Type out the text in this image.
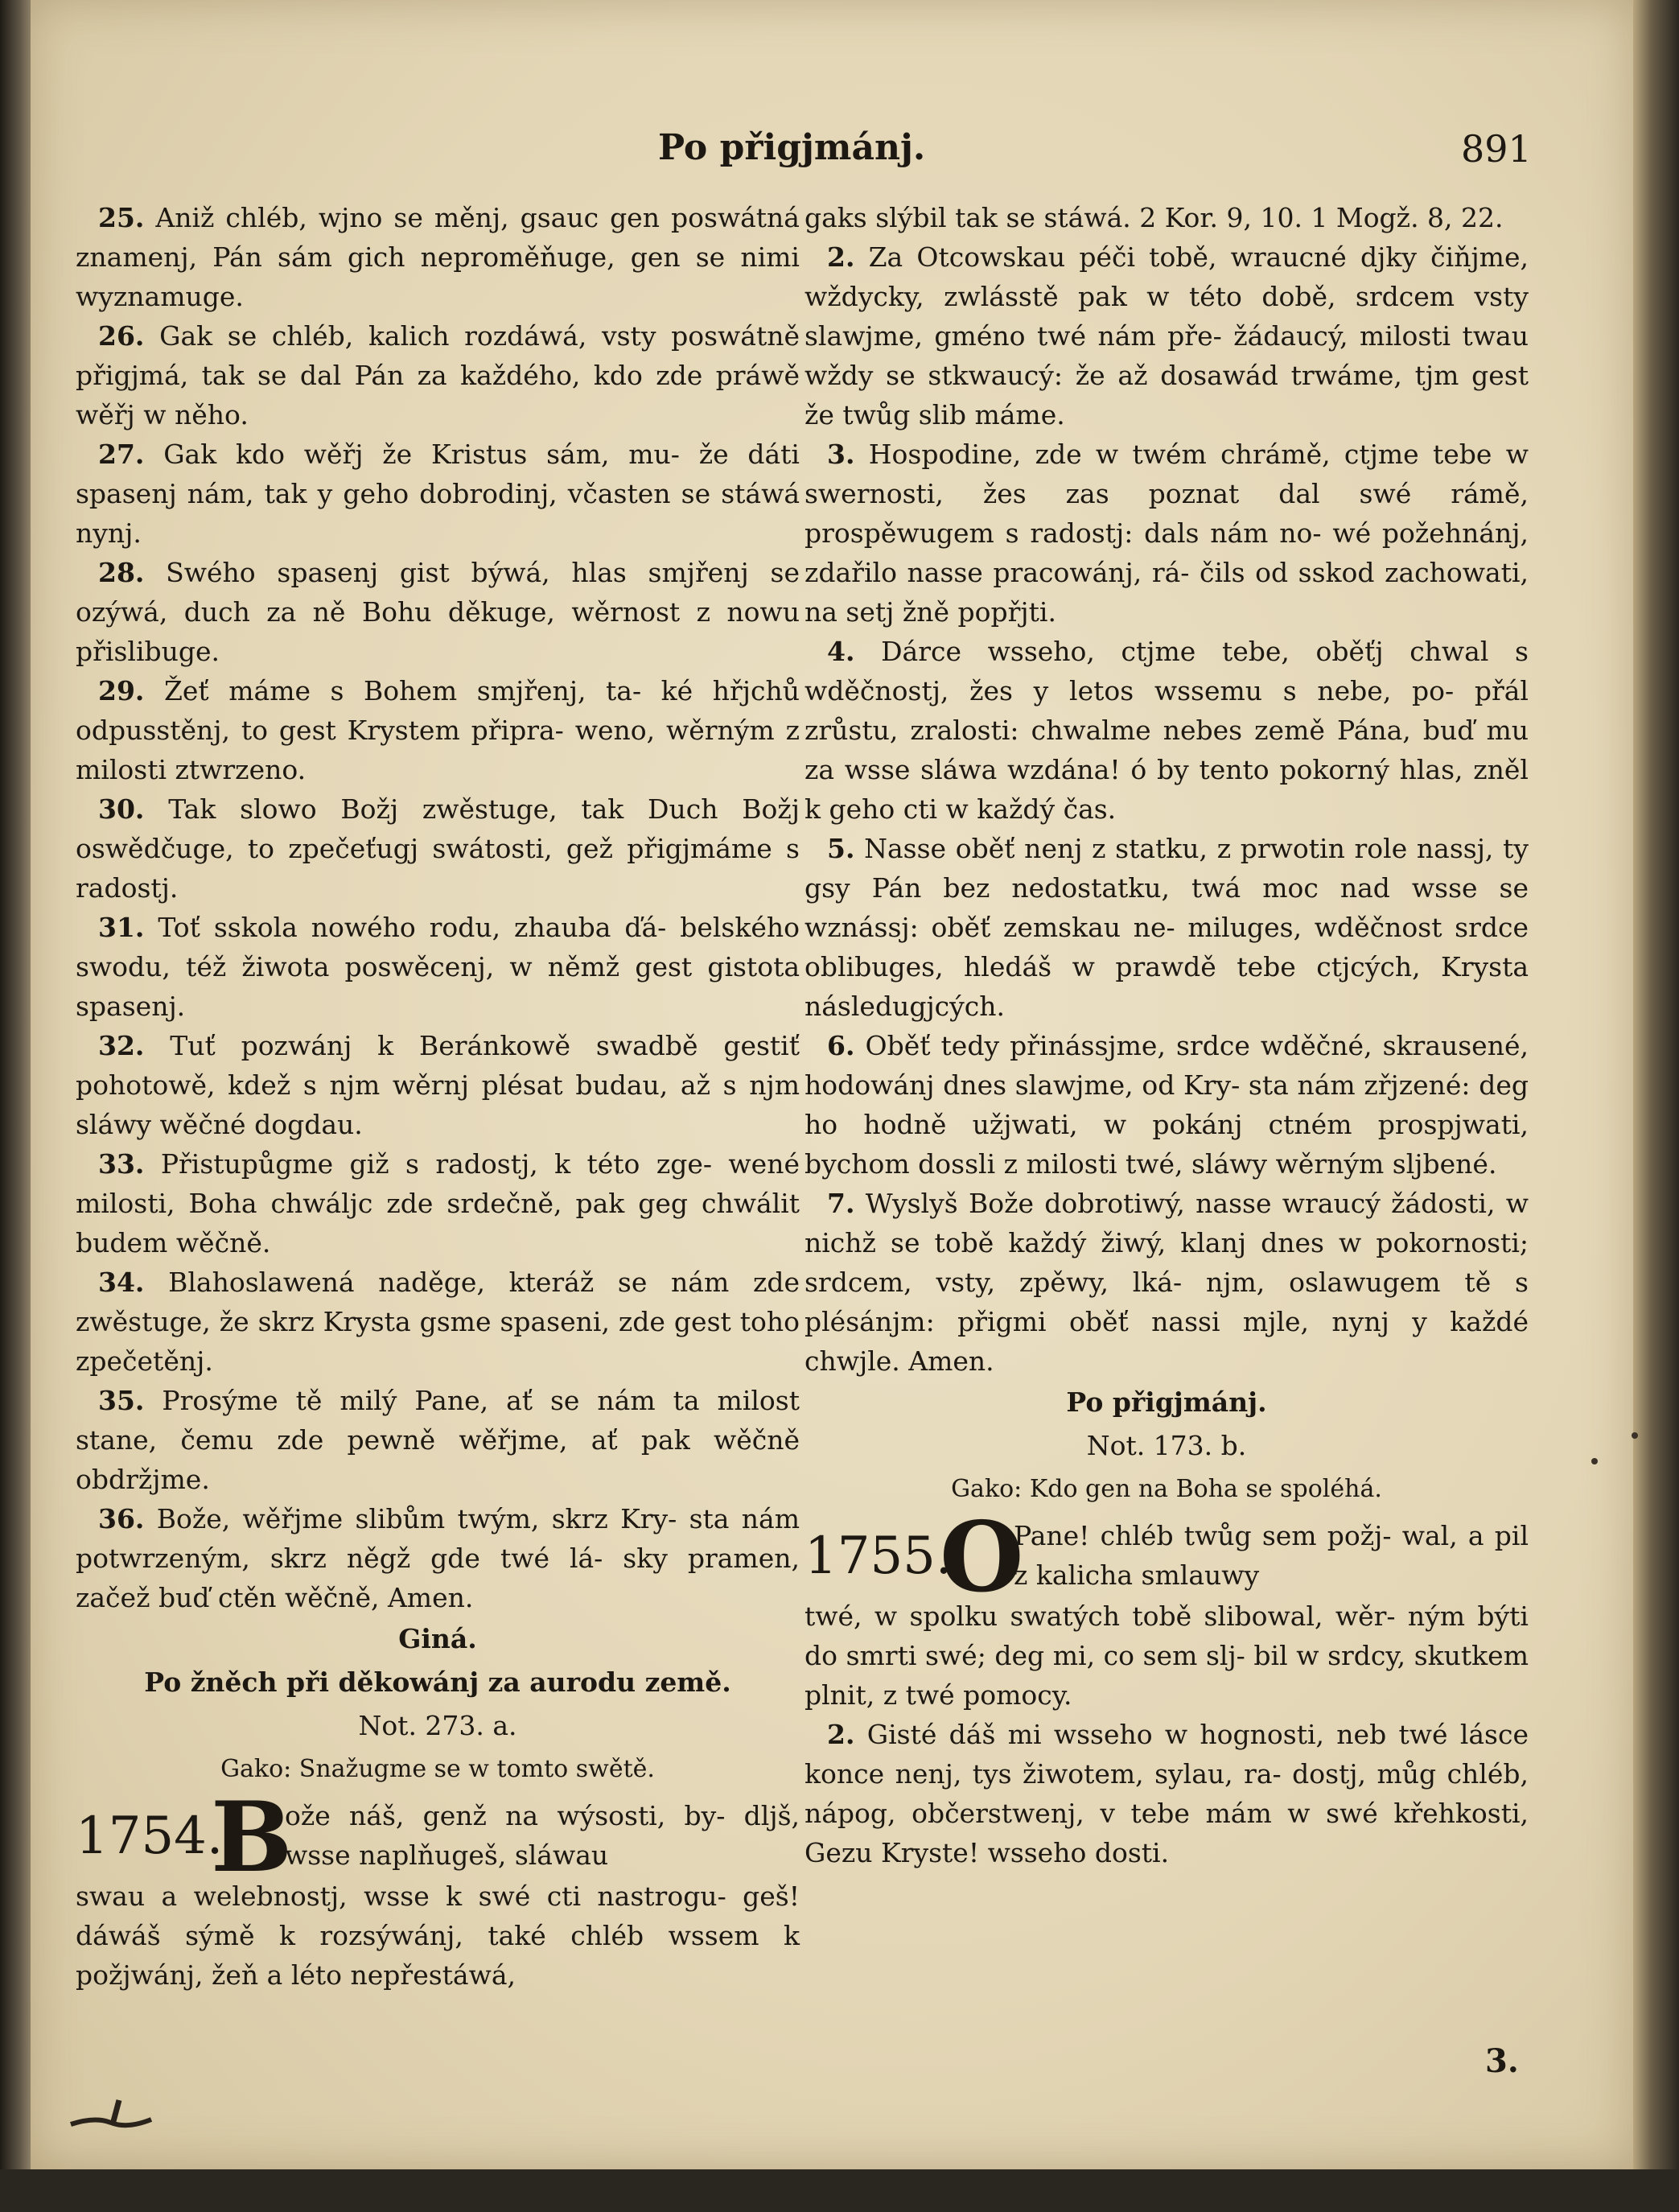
Po přigjmánj.	891

25. Aniž chléb, wjno se měnj, gsauc gen poswátná znamenj, Pán sám gich neproměňuge, gen se nimi wyznamuge.

26. Gak se chléb, kalich rozdáwá, vsty poswátně přigjmá, tak se dal Pán za každého, kdo zde práwě wěřj w něho.

27. Gak kdo wěřj že Kristus sám, mu- že dáti spasenj nám, tak y geho dobrodinj, včasten se stáwá nynj.

28. Swého spasenj gist býwá, hlas smjřenj se ozýwá, duch za ně Bohu děkuge, wěrnost z nowu přislibuge.

29. Žeť máme s Bohem smjřenj, ta- ké hřjchů odpusstěnj, to gest Krystem připra- weno, wěrným z milosti ztwrzeno.

30. Tak slowo Božj zwěstuge, tak Duch Božj oswědčuge, to zpečeťugj swátosti, gež přigjmáme s radostj.

31. Toť sskola nowého rodu, zhauba ďá- belského swodu, též žiwota poswěcenj, w němž gest gistota spasenj.

32. Tuť pozwánj k Beránkowě swadbě gestiť pohotowě, kdež s njm wěrnj plésat budau, až s njm sláwy wěčné dogdau.

33. Přistupůgme giž s radostj, k této zge- wené milosti, Boha chwáljc zde srdečně, pak geg chwálit budem wěčně.

34. Blahoslawená naděge, kteráž se nám zde zwěstuge, že skrz Krysta gsme spaseni, zde gest toho zpečetěnj.

35. Prosýme tě milý Pane, ať se nám ta milost stane, čemu zde pewně wěřjme, ať pak wěčně obdržjme.

36. Bože, wěřjme slibům twým, skrz Kry- sta nám potwrzeným, skrz něgž gde twé lá- sky pramen, začež buď ctěn wěčně, Amen.

Giná.

Po žněch při děkowánj za aurodu země.

Not. 273. a.

Gako: Snažugme se w tomto swětě.

1754.
B
ože náš, genž na wýsosti, by- dljš, wsse naplňugeš, sláwau

swau a welebnostj, wsse k swé cti nastrogu- geš! dáwáš sýmě k rozsýwánj, také chléb wssem k požjwánj, žeň a léto nepřestáwá,

gaks slýbil tak se stáwá. 2 Kor. 9, 10. 1 Mogž. 8, 22.

2. Za Otcowskau péči tobě, wraucné djky čiňjme, wždycky, zwlásstě pak w této době, srdcem vsty slawjme, gméno twé nám pře- žádaucý, milosti twau wždy se stkwaucý: že až dosawád trwáme, tjm gest že twůg slib máme.

3. Hospodine, zde w twém chrámě, ctjme tebe w swernosti, žes zas poznat dal swé rámě, prospěwugem s radostj: dals nám no- wé požehnánj, zdařilo nasse pracowánj, rá- čils od sskod zachowati, na setj žně popřjti.

4. Dárce wsseho, ctjme tebe, oběťj chwal s wděčnostj, žes y letos wssemu s nebe, po- přál zrůstu, zralosti: chwalme nebes země Pána, buď mu za wsse sláwa wzdána! ó by tento pokorný hlas, zněl k geho cti w každý čas.

5. Nasse oběť nenj z statku, z prwotin role nassj, ty gsy Pán bez nedostatku, twá moc nad wsse se wznássj: oběť zemskau ne- miluges, wděčnost srdce oblibuges, hledáš w prawdě tebe ctjcých, Krysta následugjcých.

6. Oběť tedy přinássjme, srdce wděčné, skrausené, hodowánj dnes slawjme, od Kry- sta nám zřjzené: deg ho hodně užjwati, w pokánj ctném prospjwati, bychom dossli z milosti twé, sláwy wěrným sljbené.

7. Wyslyš Bože dobrotiwý, nasse wraucý žádosti, w nichž se tobě každý žiwý, klanj dnes w pokornosti; srdcem, vsty, zpěwy, lká- njm, oslawugem tě s plésánjm: přigmi oběť nassi mjle, nynj y každé chwjle. Amen.

Po přigjmánj.

Not. 173. b.

Gako: Kdo gen na Boha se spoléhá.

1755.
O
Pane! chléb twůg sem požj- wal, a pil z kalicha smlauwy

twé, w spolku swatých tobě slibowal, wěr- ným býti do smrti swé; deg mi, co sem slj- bil w srdcy, skutkem plnit, z twé pomocy.

2. Gisté dáš mi wsseho w hognosti, neb twé lásce konce nenj, tys žiwotem, sylau, ra- dostj, můg chléb, nápog, občerstwenj, v tebe mám w swé křehkosti, Gezu Kryste! wsseho dosti.

3.
